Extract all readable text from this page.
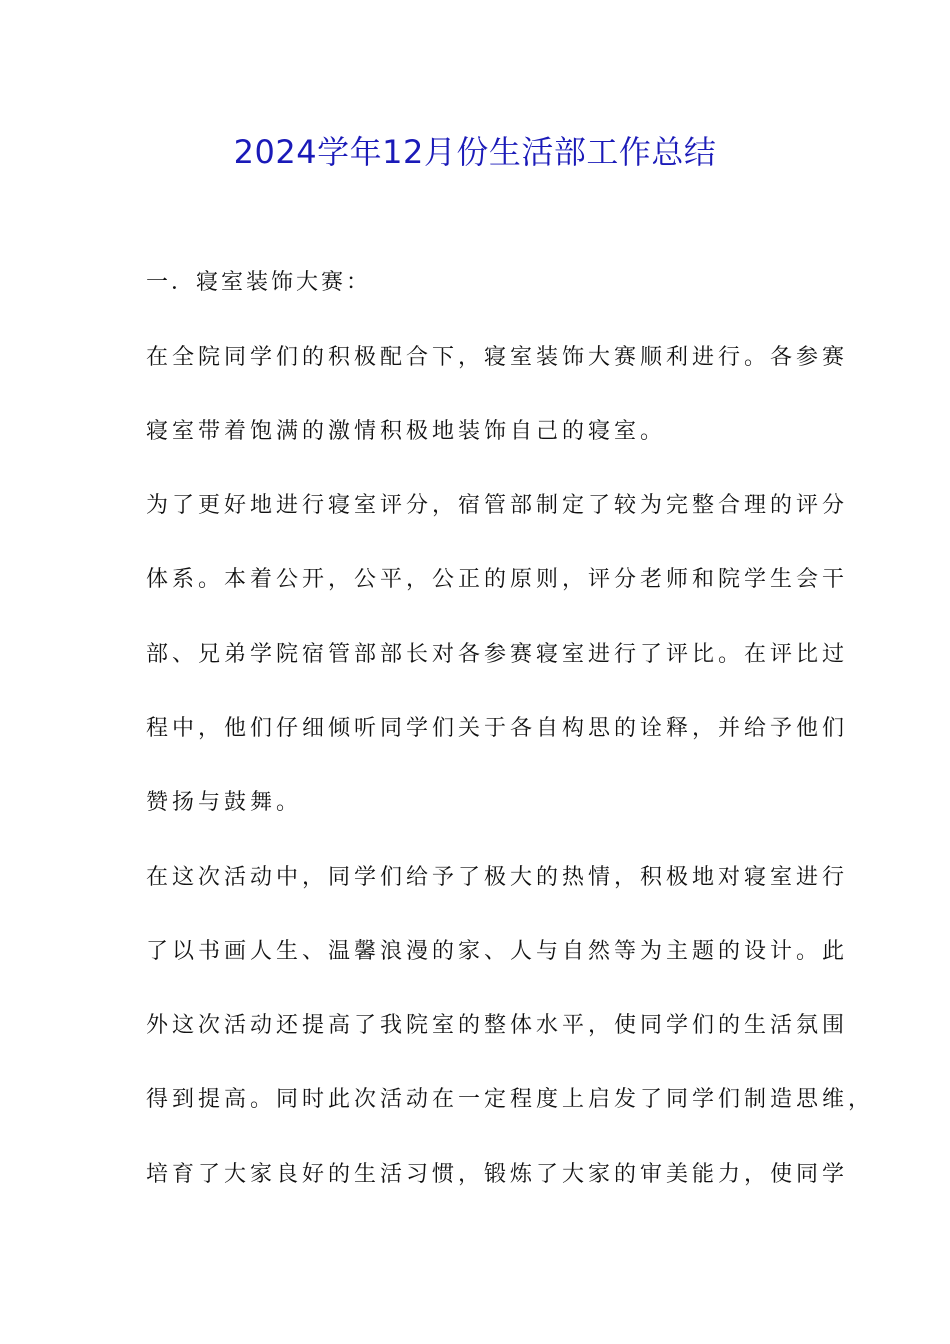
2024学年12月份生活部工作总结
一．寝室装饰大赛：
在全院同学们的积极配合下，寝室装饰大赛顺利进行。各参赛
寝室带着饱满的激情积极地装饰自己的寝室。
为了更好地进行寝室评分，宿管部制定了较为完整合理的评分
体系。本着公开，公平，公正的原则，评分老师和院学生会干
部、兄弟学院宿管部部长对各参赛寝室进行了评比。在评比过
程中，他们仔细倾听同学们关于各自构思的诠释，并给予他们
赞扬与鼓舞。
在这次活动中，同学们给予了极大的热情，积极地对寝室进行
了以书画人生、温馨浪漫的家、人与自然等为主题的设计。此
外这次活动还提高了我院室的整体水平，使同学们的生活氛围
得到提高。同时此次活动在一定程度上启发了同学们制造思维，
培育了大家良好的生活习惯，锻炼了大家的审美能力，使同学
